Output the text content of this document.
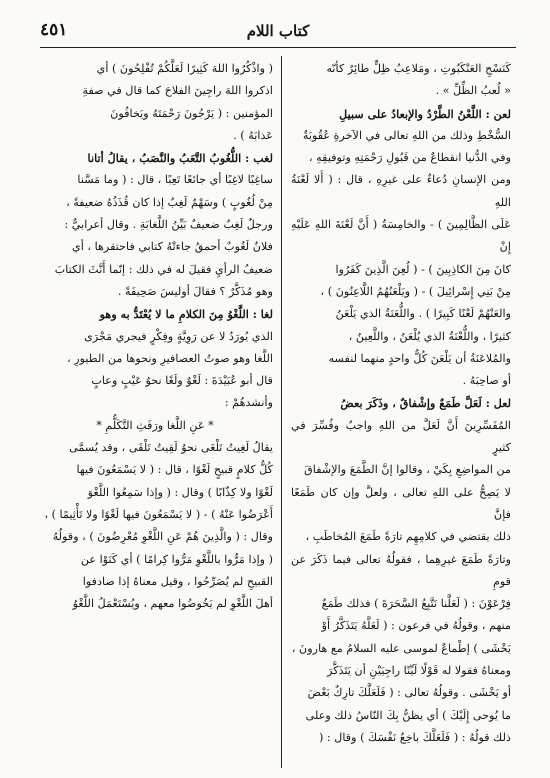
٤٥١	كتاب اللام

كَنَسْجِ العَنْكَبُوتِ ، ومَلاعِبُ ظِلٍّ طائِرٌ كأنّه

« لُعبُ الظِّلِّ » .

لعن : اللَّعْنُ الطَّرْدُ والإبعادُ على سبيلِ

السُّخْطِ وذلك من اللهِ تعالى في الآخرةِ عُقُوبَةٌ

وفي الدُّنيا انقطاعٌ من قَبُولِ رَحْمَتِهِ وتوفيقِهِ ،

ومن الإنسانِ دُعاءٌ على غيرِهِ ، قال : ( أَلا لَعْنَةُ اللهِ

عَلَى الظَّالِمِينَ ) - والخامِسَةُ ( أَنَّ لَعْنَةَ اللهِ عَلَيْهِ إِنْ

كانَ مِنَ الكاذِبِينَ ) - ( لُعِنَ الَّذِينَ كَفَرُوا

مِنْ بَنِي إِسْرائِيلَ ) - ( ويَلْعَنُهُمُ اللَّاعِنُونَ ) ،

والعَنْهُمْ لَعْنًا كَبِيرًا ) . واللُّعَنَةُ الذي يَلْعَنُ

كثيرًا ، واللُّعْنَةُ الذي يُلْعَنُ ، واللَّعِينُ ،

والمُلاعَنَةُ أن يَلْعَنَ كُلُّ واحدٍ منهما لنفسه

أو صاحِبَهُ .

لعل : لَعَلَّ طَمَعٌ وإشْفاقٌ ، وذَكَرَ بعضُ

المُفَسِّرِينَ أَنَّ لَعَلَّ من اللهِ واجبٌ وفُسِّرَ في كثيرٍ

من المواضِعِ بِكَيْ ، وقالوا إنَّ الطَّمَعَ والإشْفاقَ

لا يَصِحُّ على اللهِ تعالى ، ولعلَّ وإن كان طَمَعًا فإنَّ

ذلك يقتضي في كلامِهِم تارَةً طَمَعَ المُخاطَبِ ،

وتارَةً طَمَعَ غيرِهِما ، فقولُهُ تعالى فيما ذَكَرَ عن قومِ

فِرْعَوْنَ : ( لَعَلَّنا نَتَّبِعُ السَّحَرَةَ ) فذلك طَمَعٌ

منهم ، وقولُهُ في فرعون : ( لَعَلَّهُ يَتَذَكَّرُ أَوْ

يَخْشَى ) إطْماعٌ لموسى عليه السلامُ مع هارونَ ،

ومعناهُ فقولا له قَوْلًا لَيِّنًا راجِيَيْنِ أن يَتَذَكَّرَ

أو يَخْشَى . وقولُهُ تعالى : ( فَلَعَلَّكَ تارِكٌ بَعْضَ

ما يُوحى إِلَيْكَ ) أي يظنُّ بِكَ النّاسُ ذلك وعلى

ذلك قولُهُ : ( فَلَعَلَّكَ باخِعٌ نَفْسَكَ ) وقال : (

( واذْكُرُوا اللهَ كَثِيرًا لَعَلَّكُمْ تُفْلِحُونَ ) أي

اذكروا اللهَ راجِينَ الفلاحَ كما قال في صفةِ

المؤمنين : ( يَرْجُونَ رَحْمَتَهُ ويَخافُونَ

عَذابَهُ ) .

لغب : اللُّغُوبُ التَّعَبُ والنَّصَبُ ، يقالُ أتانا

ساغِبًا لاغِبًا أي جائعًا تَعِبًا ، قال : ( وما مَسَّنا

مِنْ لُغُوبٍ ) وسَهْمٌ لَغِبٌ إذا كان قُذَذُهُ ضعيفةً ،

ورجلٌ لَغِبٌ ضعيفٌ بَيِّنُ اللَّغابَةِ . وقال أعرابيٌّ :

فلانٌ لَغُوبٌ أحمقُ جاءتْهُ كتابي فاحتقرها ، أي

ضعيفُ الرأيِ فقيلَ له في ذلك : إنّما أَنَّثَ الكتابَ

وهو مُذَكَّرٌ ؟ فقالَ أوليسَ صَحِيفَةً .

لغا : اللَّغْوُ مِنَ الكلامِ ما لا يُعْتَدُّ به وهو

الذي يُورَدُ لا عن رَوِيَّةٍ وفِكْرٍ فيجري مَجْرَى

اللَّغا وهو صوتُ العصافيرِ ونحوها من الطيورِ ،

قال أبو عُبَيْدَةَ : لَغْوٌ ولَغًا نحوُ عَيْبٍ وعابٍ

وأنشدهُمْ :

* عَنِ اللَّغا ورَفَثِ التَّكَلُّمِ *

يقالُ لَغِيتُ تَلْغَى نحوُ لَقِيتُ تَلْقَى ، وقد يُسمَّى

كُلُّ كلامٍ قبيحٍ لَغْوًا ، قال : ( لا يَسْمَعُونَ فيها

لَغْوًا ولا كِذّابًا ) وقال : ( وإذا سَمِعُوا اللَّغْوَ

أَعْرَضُوا عَنْهُ ) - ( لا يَسْمَعُونَ فيها لَغْوًا ولا تَأْثِيمًا ) ،

وقال : ( والَّذِينَ هُمْ عَنِ اللَّغْوِ مُعْرِضُونَ ) ، وقولُهُ

( وإذا مَرُّوا باللَّغْوِ مَرُّوا كِرامًا ) أي كَنَوْا عن

القبيحِ لم يُصَرِّحُوا ، وقيل معناهُ إذا صادفوا

أهلَ اللَّغْوِ لم يَخُوضُوا معهم ، ويُسْتَعْمَلُ اللَّغْوُ
